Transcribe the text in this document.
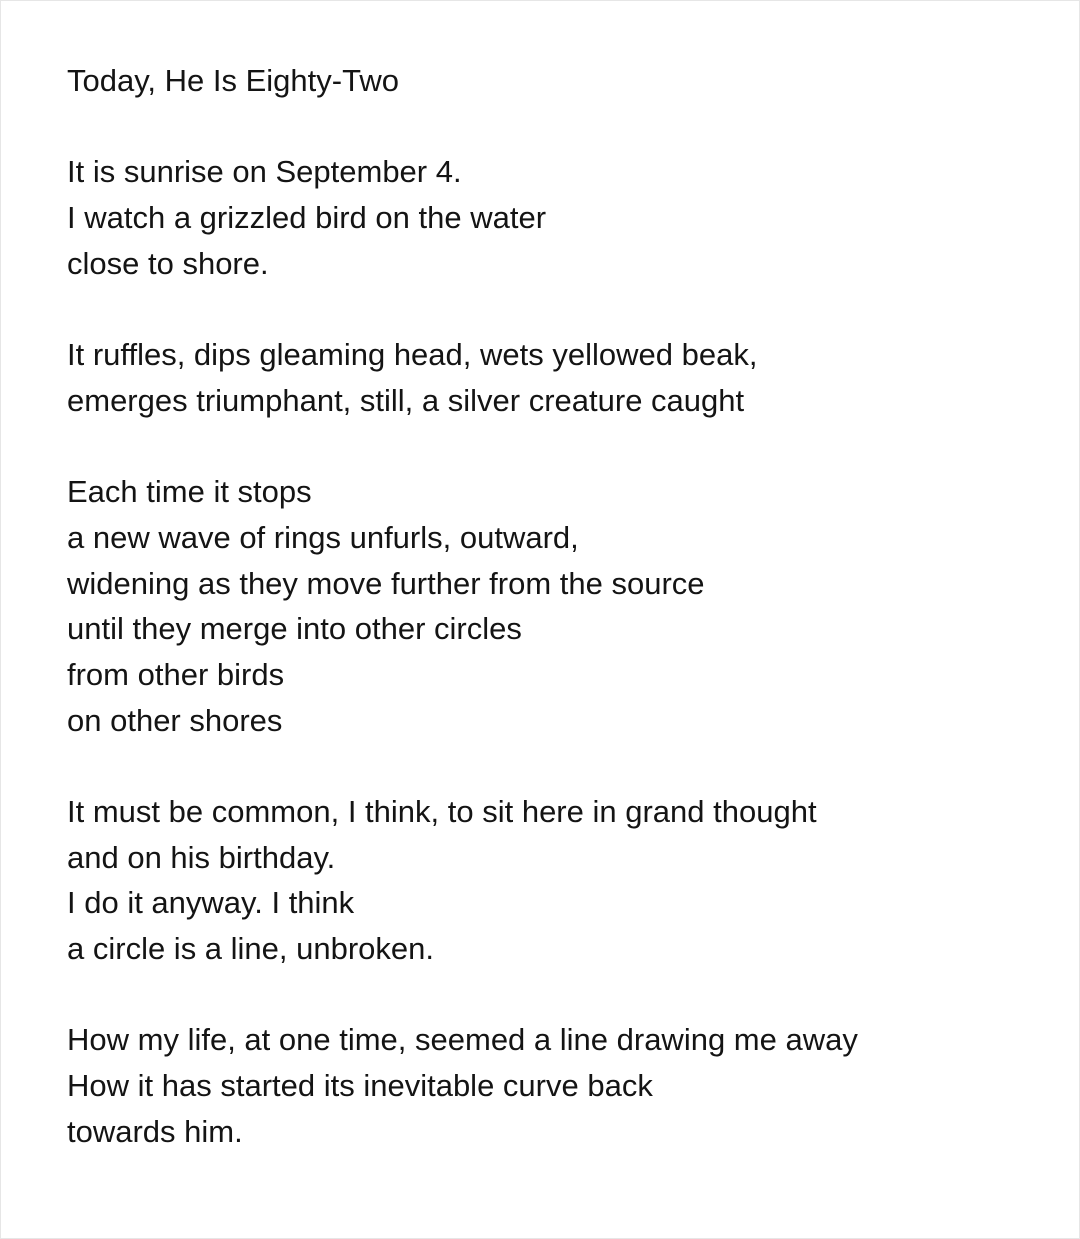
Today, He Is Eighty-Two
It is sunrise on September 4.
I watch a grizzled bird on the water
close to shore.
It ruffles, dips gleaming head, wets yellowed beak,
emerges triumphant, still, a silver creature caught
Each time it stops
a new wave of rings unfurls, outward,
widening as they move further from the source
until they merge into other circles
from other birds
on other shores
It must be common, I think, to sit here in grand thought
and on his birthday.
I do it anyway. I think
a circle is a line, unbroken.
How my life, at one time, seemed a line drawing me away
How it has started its inevitable curve back
towards him.
